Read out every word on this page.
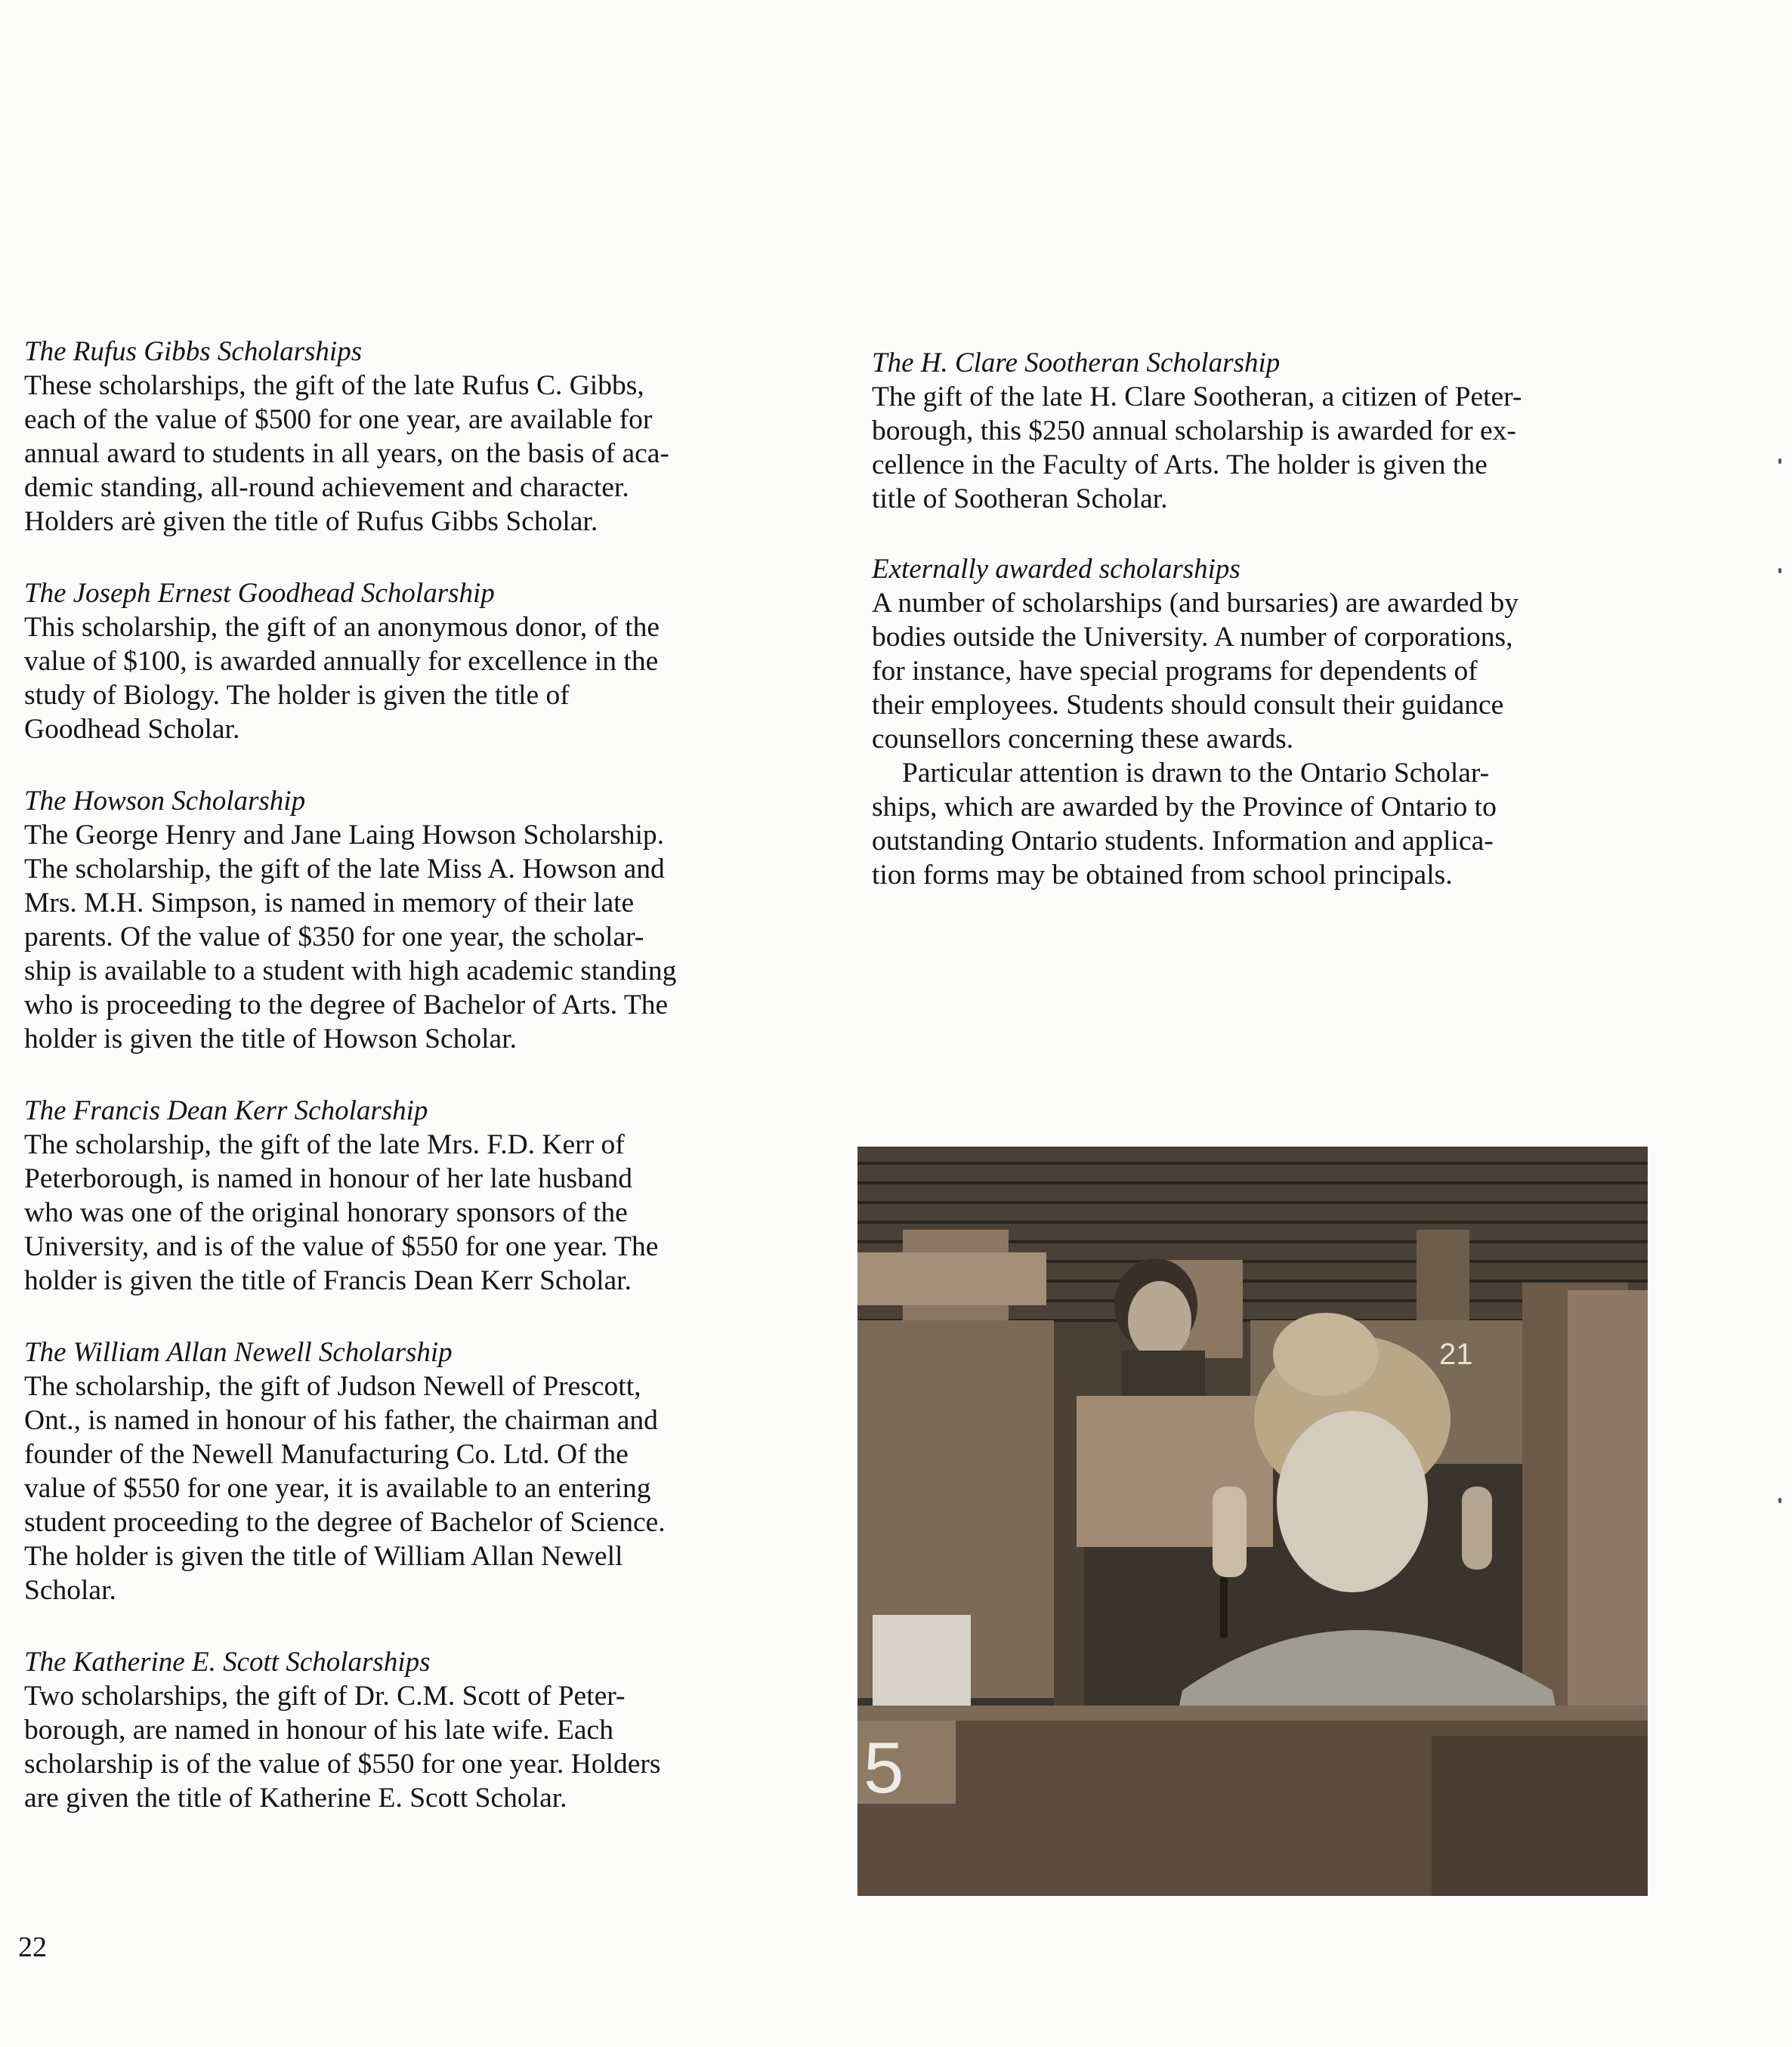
The Rufus Gibbs Scholarships

These scholarships, the gift of the late Rufus C. Gibbs,
each of the value of $500 for one year, are available for
annual award to students in all years, on the basis of aca-
demic standing, all-round achievement and character.
Holders arė given the title of Rufus Gibbs Scholar.

The Joseph Ernest Goodhead Scholarship

This scholarship, the gift of an anonymous donor, of the
value of $100, is awarded annually for excellence in the
study of Biology. The holder is given the title of
Goodhead Scholar.

The Howson Scholarship

The George Henry and Jane Laing Howson Scholarship.
The scholarship, the gift of the late Miss A. Howson and
Mrs. M.H. Simpson, is named in memory of their late
parents. Of the value of $350 for one year, the scholar-
ship is available to a student with high academic standing
who is proceeding to the degree of Bachelor of Arts. The
holder is given the title of Howson Scholar.

The Francis Dean Kerr Scholarship

The scholarship, the gift of the late Mrs. F.D. Kerr of
Peterborough, is named in honour of her late husband
who was one of the original honorary sponsors of the
University, and is of the value of $550 for one year. The
holder is given the title of Francis Dean Kerr Scholar.

The William Allan Newell Scholarship

The scholarship, the gift of Judson Newell of Prescott,
Ont., is named in honour of his father, the chairman and
founder of the Newell Manufacturing Co. Ltd. Of the
value of $550 for one year, it is available to an entering
student proceeding to the degree of Bachelor of Science.
The holder is given the title of William Allan Newell
Scholar.

The Katherine E. Scott Scholarships

Two scholarships, the gift of Dr. C.M. Scott of Peter-
borough, are named in honour of his late wife. Each
scholarship is of the value of $550 for one year. Holders
are given the title of Katherine E. Scott Scholar.

The H. Clare Sootheran Scholarship

The gift of the late H. Clare Sootheran, a citizen of Peter-
borough, this $250 annual scholarship is awarded for ex-
cellence in the Faculty of Arts. The holder is given the
title of Sootheran Scholar.

Externally awarded scholarships

A number of scholarships (and bursaries) are awarded by
bodies outside the University. A number of corporations,
for instance, have special programs for dependents of
their employees. Students should consult their guidance
counsellors concerning these awards.

Particular attention is drawn to the Ontario Scholar-
ships, which are awarded by the Province of Ontario to
outstanding Ontario students. Information and applica-
tion forms may be obtained from school principals.

21
5
22
